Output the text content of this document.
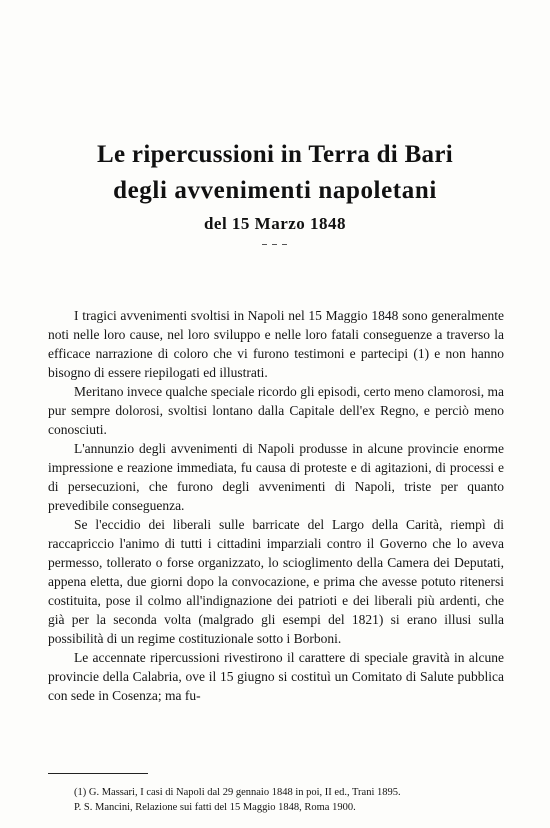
Le ripercussioni in Terra di Bari
degli avvenimenti napoletani
del 15 Marzo 1848

I tragici avvenimenti svoltisi in Napoli nel 15 Maggio 1848 sono generalmente noti nelle loro cause, nel loro sviluppo e nelle loro fatali conseguenze a traverso la efficace narrazione di coloro che vi furono testimoni e partecipi (1) e non hanno bisogno di essere riepilogati ed illustrati.

Meritano invece qualche speciale ricordo gli episodi, certo meno clamorosi, ma pur sempre dolorosi, svoltisi lontano dalla Capitale dell'ex Regno, e perciò meno conosciuti.

L'annunzio degli avvenimenti di Napoli produsse in alcune provincie enorme impressione e reazione immediata, fu causa di proteste e di agitazioni, di processi e di persecuzioni, che furono degli avvenimenti di Napoli, triste per quanto prevedibile conseguenza.

Se l'eccidio dei liberali sulle barricate del Largo della Carità, riempì di raccapriccio l'animo di tutti i cittadini imparziali contro il Governo che lo aveva permesso, tollerato o forse organizzato, lo scioglimento della Camera dei Deputati, appena eletta, due giorni dopo la convocazione, e prima che avesse potuto ritenersi costituita, pose il colmo all'indignazione dei patrioti e dei liberali più ardenti, che già per la seconda volta (malgrado gli esempi del 1821) si erano illusi sulla possibilità di un regime costituzionale sotto i Borboni.

Le accennate ripercussioni rivestirono il carattere di speciale gravità in alcune provincie della Calabria, ove il 15 giugno si costituì un Comitato di Salute pubblica con sede in Cosenza; ma fu-

(1) G. Massari, I casi di Napoli dal 29 gennaio 1848 in poi, II ed., Trani 1895.

P. S. Mancini, Relazione sui fatti del 15 Maggio 1848, Roma 1900.
